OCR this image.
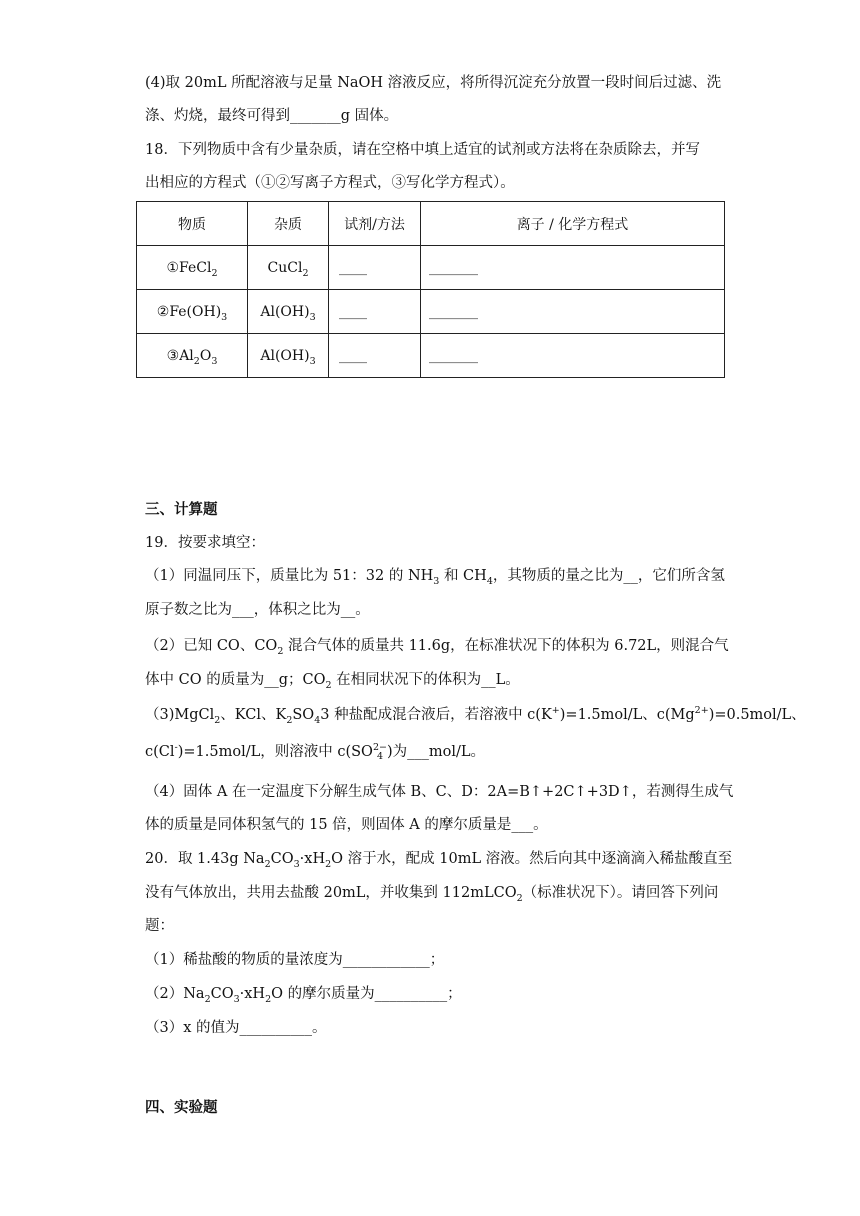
(4)取 20mL 所配溶液与足量 NaOH 溶液反应，将所得沉淀充分放置一段时间后过滤、洗
涤、灼烧，最终可得到_______g 固体。
18．下列物质中含有少量杂质，请在空格中填上适宜的试剂或方法将在杂质除去，并写
出相应的方程式（①②写离子方程式，③写化学方程式）。
物质	杂质	试剂/方法	离子 / 化学方程式
①FeCl$_2$	CuCl$_2$	____	_______
$②Fe(OH)_3$	$Al(OH)_3$	____	_______
$③Al_2O_3$	$Al(OH)_3$	____	_______
三、计算题
19．按要求填空：
（1）同温同压下，质量比为 51：32 的 $NH_3$ 和 $CH_4$，其物质的量之比为__，它们所含氢
原子数之比为___，体积之比为__。
（2）已知 CO、$CO_2$ 混合气体的质量共 11.6g，在标准状况下的体积为 6.72L，则混合气
体中 CO 的质量为__g；$CO_2$ 在相同状况下的体积为__L。
（3)MgCl$_2$、KCl、$K_2SO_43$ 种盐配成混合液后，若溶液中 c(K+)=1.5mol/L、$c(Mg^{2+})=0.5mol/L$、
c(Cl-)=1.5mol/L，则溶液中 c(SO 2−
4 )为___mol/L。
（4）固体 A 在一定温度下分解生成气体 B、C、D：2A=B↑+2C↑+3D↑，若测得生成气
体的质量是同体积氢气的 15 倍，则固体 A 的摩尔质量是___。
20．取 1.43g $Na_2CO_3\cdot xH_2O$ 溶于水，配成 10mL 溶液。然后向其中逐滴滴入稀盐酸直至
没有气体放出，共用去盐酸 20mL，并收集到 112mLCO$_2$（标准状况下）。请回答下列问
题：
（1）稀盐酸的物质的量浓度为____________；
$(2)Na_2CO_3\cdot xH_2O$ 的摩尔质量为__________；
（3）x 的值为__________。
四、实验题
